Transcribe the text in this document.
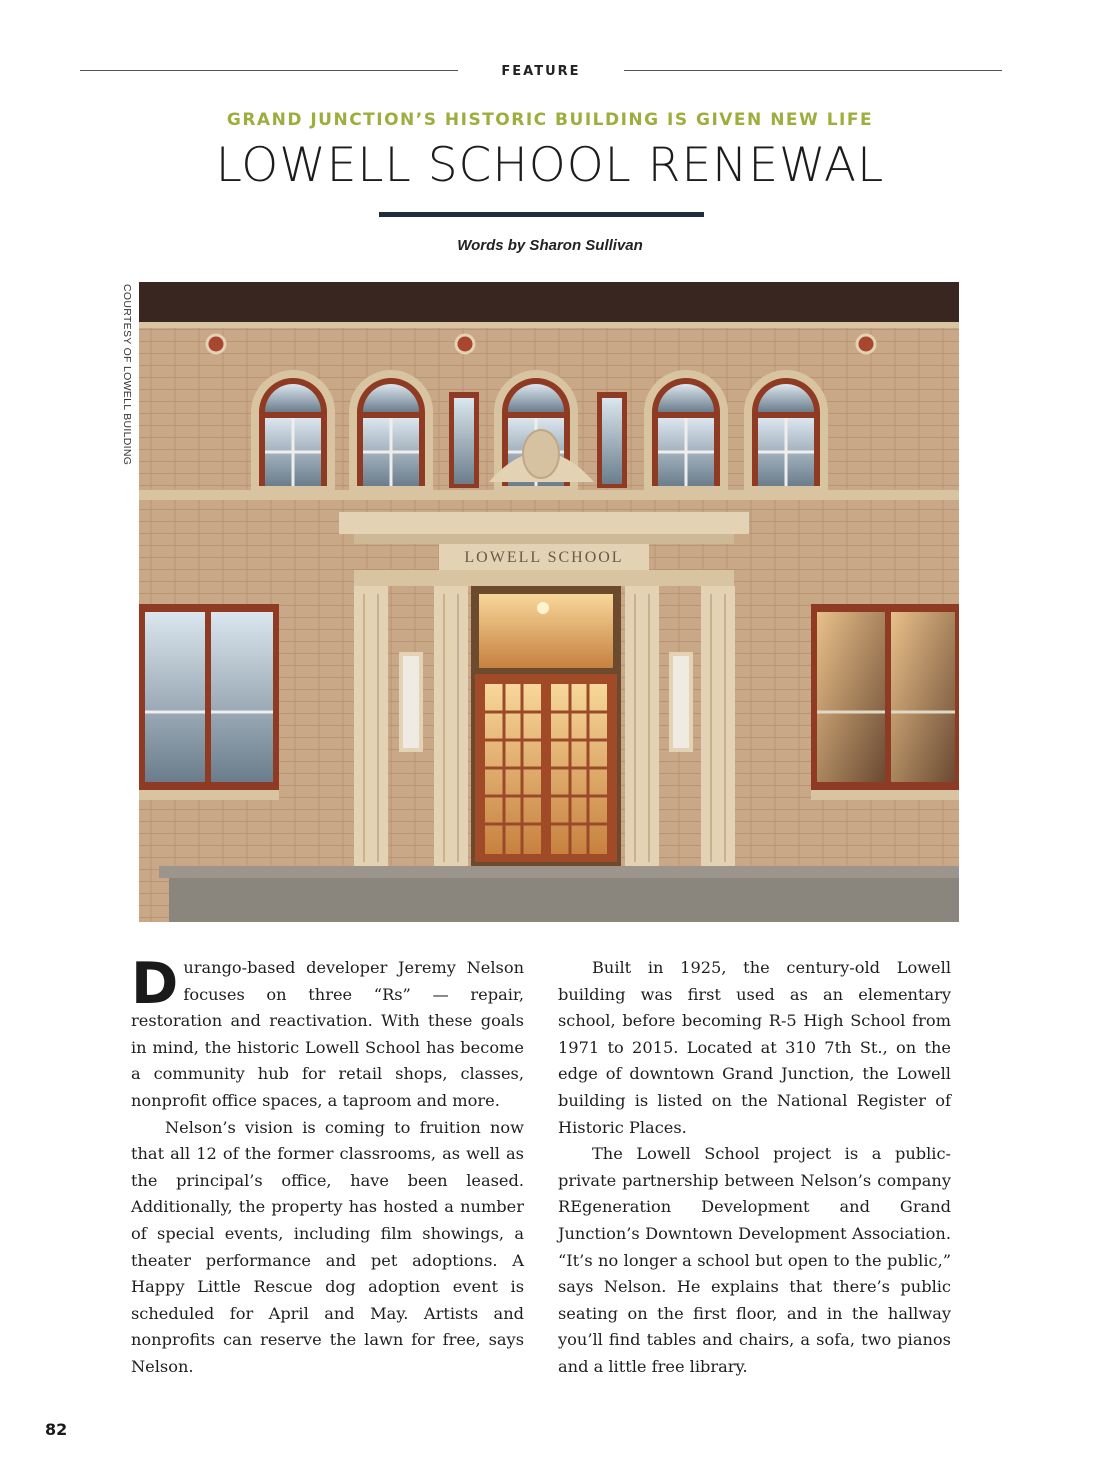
FEATURE
GRAND JUNCTION’S HISTORIC BUILDING IS GIVEN NEW LIFE
LOWELL SCHOOL RENEWAL
Words by Sharon Sullivan
COURTESY OF LOWELL BUILDING
LOWELL SCHOOL

Durango-based developer Jeremy Nelson focuses on three “Rs” — repair, restoration and reactivation. With these goals in mind, the historic Lowell School has become a community hub for retail shops, classes, nonprofit office spaces, a taproom and more.

Nelson’s vision is coming to fruition now that all 12 of the former classrooms, as well as the principal’s office, have been leased. Additionally, the property has hosted a number of special events, including film showings, a theater performance and pet adoptions. A Happy Little Rescue dog adoption event is scheduled for April and May. Artists and nonprofits can reserve the lawn for free, says Nelson.

Built in 1925, the century-old Lowell building was first used as an elementary school, before becoming R-5 High School from 1971 to 2015. Located at 310 7th St., on the edge of downtown Grand Junction, the Lowell building is listed on the National Register of Historic Places.

The Lowell School project is a public-private partnership between Nelson’s company REgeneration Development and Grand Junction’s Downtown Development Association. “It’s no longer a school but open to the public,” says Nelson. He explains that there’s public seating on the first floor, and in the hallway you’ll find tables and chairs, a sofa, two pianos and a little free library.

82
